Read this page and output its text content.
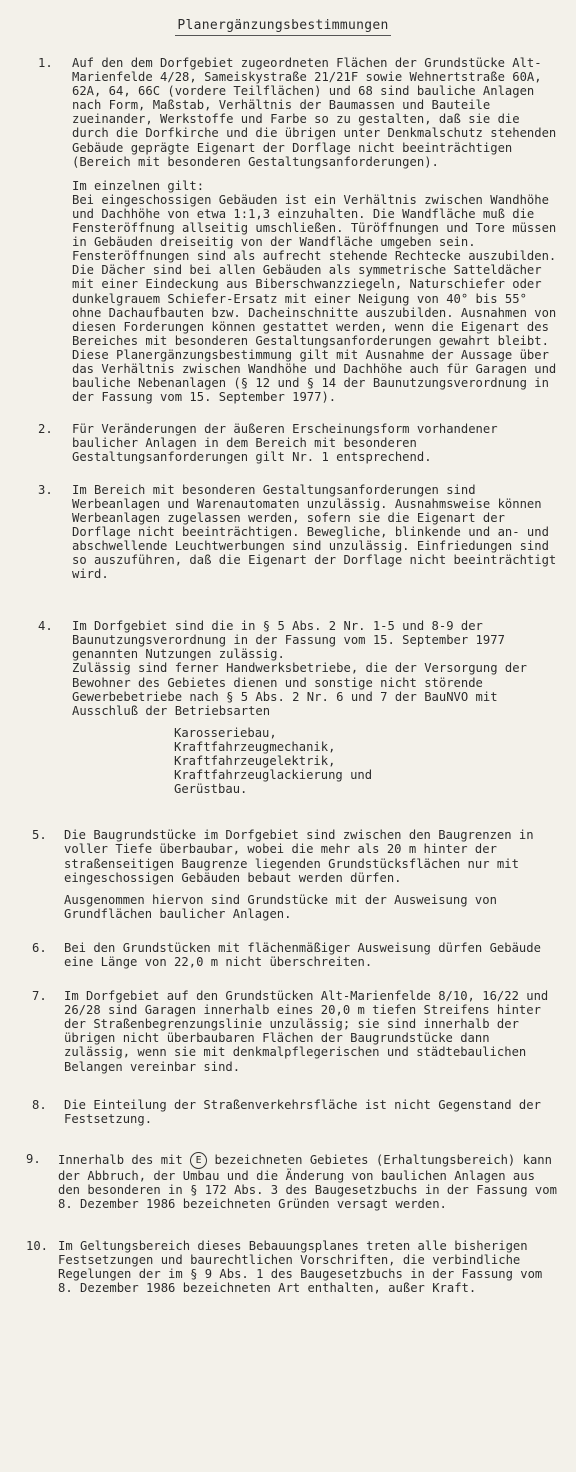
Planergänzungsbestimmungen
1. Auf den dem Dorfgebiet zugeordneten Flächen der Grundstücke Alt-Marienfelde 4/28, Sameiskystraße 21/21F sowie Wehnertstraße 60A, 62A, 64, 66C (vordere Teilflächen) und 68 sind bauliche Anlagen nach Form, Maßstab, Verhältnis der Baumassen und Bauteile zueinander, Werkstoffe und Farbe so zu gestalten, daß sie die durch die Dorfkirche und die übrigen unter Denkmalschutz stehenden Gebäude geprägte Eigenart der Dorflage nicht beeinträchtigen (Bereich mit besonderen Gestaltungsanforderungen).

Im einzelnen gilt:

Bei eingeschossigen Gebäuden ist ein Verhältnis zwischen Wandhöhe und Dachhöhe von etwa 1:1,3 einzuhalten. Die Wandfläche muß die Fensteröffnung allseitig umschließen. Türöffnungen und Tore müssen in Gebäuden dreiseitig von der Wandfläche umgeben sein. Fensteröffnungen sind als aufrecht stehende Rechtecke auszubilden. Die Dächer sind bei allen Gebäuden als symmetrische Satteldächer mit einer Eindeckung aus Biberschwanzziegeln, Naturschiefer oder dunkelgrauem Schiefer-Ersatz mit einer Neigung von 40° bis 55° ohne Dachaufbauten bzw. Dacheinschnitte auszubilden. Ausnahmen von diesen Forderungen können gestattet werden, wenn die Eigenart des Bereiches mit besonderen Gestaltungsanforderungen gewahrt bleibt.

Diese Planergänzungsbestimmung gilt mit Ausnahme der Aussage über das Verhältnis zwischen Wandhöhe und Dachhöhe auch für Garagen und bauliche Nebenanlagen (§ 12 und § 14 der Baunutzungsverordnung in der Fassung vom 15. September 1977).

2. Für Veränderungen der äußeren Erscheinungsform vorhandener baulicher Anlagen in dem Bereich mit besonderen Gestaltungsanforderungen gilt Nr. 1 entsprechend.

3. Im Bereich mit besonderen Gestaltungsanforderungen sind Werbeanlagen und Warenautomaten unzulässig. Ausnahmsweise können Werbeanlagen zugelassen werden, sofern sie die Eigenart der Dorflage nicht beeinträchtigen. Bewegliche, blinkende und an- und abschwellende Leuchtwerbungen sind unzulässig. Einfriedungen sind so auszuführen, daß die Eigenart der Dorflage nicht beeinträchtigt wird.

4. Im Dorfgebiet sind die in § 5 Abs. 2 Nr. 1-5 und 8-9 der Baunutzungsverordnung in der Fassung vom 15. September 1977 genannten Nutzungen zulässig.

Zulässig sind ferner Handwerksbetriebe, die der Versorgung der Bewohner des Gebietes dienen und sonstige nicht störende Gewerbebetriebe nach § 5 Abs. 2 Nr. 6 und 7 der BauNVO mit Ausschluß der Betriebsarten

Karosseriebau,
Kraftfahrzeugmechanik,
Kraftfahrzeugelektrik,
Kraftfahrzeuglackierung und
Gerüstbau.
5. Die Baugrundstücke im Dorfgebiet sind zwischen den Baugrenzen in voller Tiefe überbaubar, wobei die mehr als 20 m hinter der straßenseitigen Baugrenze liegenden Grundstücksflächen nur mit eingeschossigen Gebäuden bebaut werden dürfen.

Ausgenommen hiervon sind Grundstücke mit der Ausweisung von Grundflächen baulicher Anlagen.

6. Bei den Grundstücken mit flächenmäßiger Ausweisung dürfen Gebäude eine Länge von 22,0 m nicht überschreiten.

7. Im Dorfgebiet auf den Grundstücken Alt-Marienfelde 8/10, 16/22 und 26/28 sind Garagen innerhalb eines 20,0 m tiefen Streifens hinter der Straßenbegrenzungslinie unzulässig; sie sind innerhalb der übrigen nicht überbaubaren Flächen der Baugrundstücke dann zulässig, wenn sie mit denkmalpflegerischen und städtebaulichen Belangen vereinbar sind.

8. Die Einteilung der Straßenverkehrsfläche ist nicht Gegenstand der Festsetzung.

9. Innerhalb des mit E bezeichneten Gebietes (Erhaltungsbereich) kann der Abbruch, der Umbau und die Änderung von baulichen Anlagen aus den besonderen in § 172 Abs. 3 des Baugesetzbuchs in der Fassung vom 8. Dezember 1986 bezeichneten Gründen versagt werden.

10. Im Geltungsbereich dieses Bebauungsplanes treten alle bisherigen Festsetzungen und baurechtlichen Vorschriften, die verbindliche Regelungen der im § 9 Abs. 1 des Baugesetzbuchs in der Fassung vom 8. Dezember 1986 bezeichneten Art enthalten, außer Kraft.
